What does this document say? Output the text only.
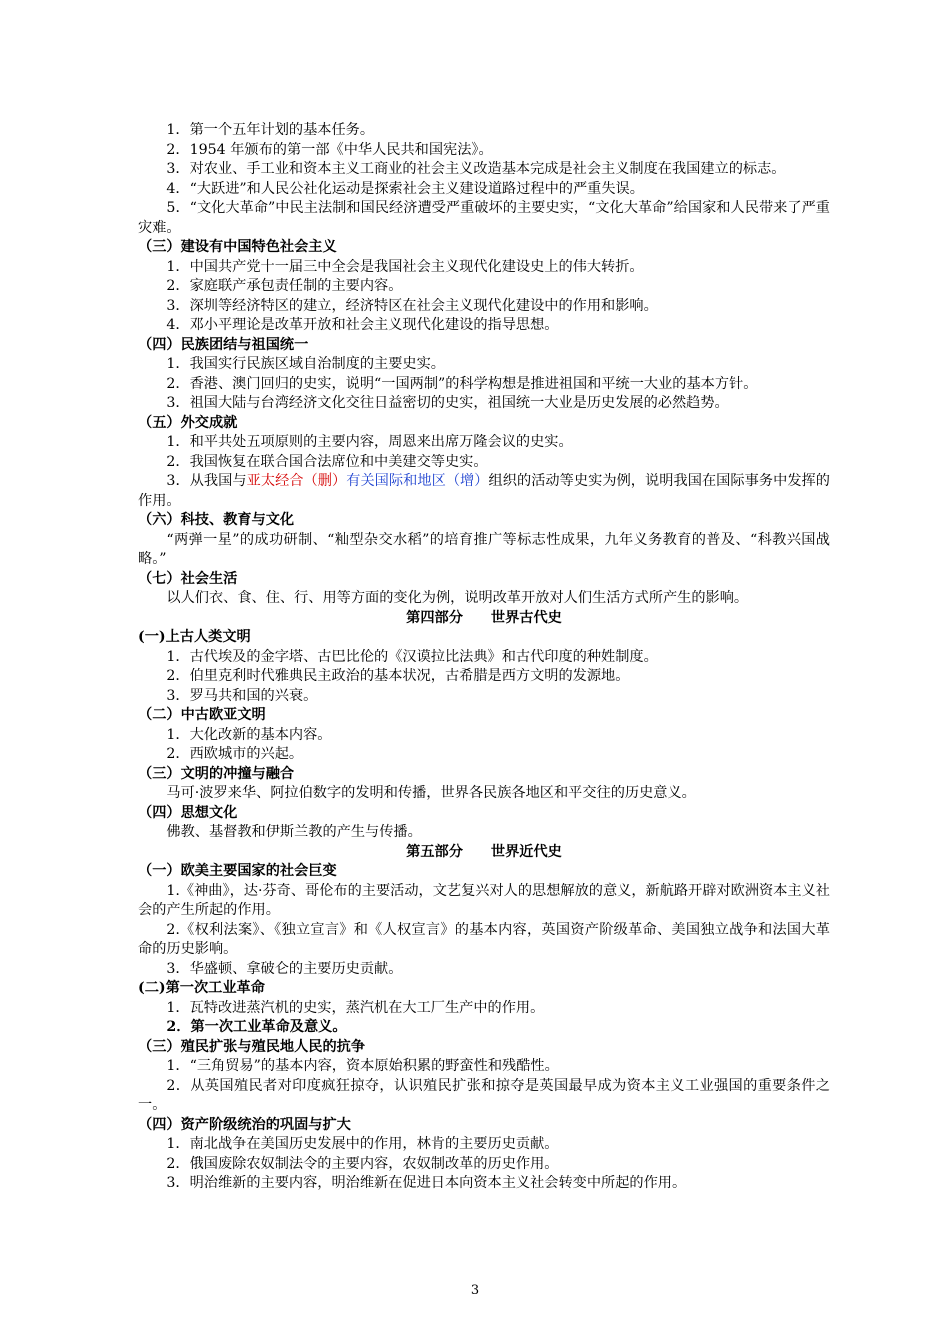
1．第一个五年计划的基本任务。
2．1954 年颁布的第一部《中华人民共和国宪法》。
3．对农业、手工业和资本主义工商业的社会主义改造基本完成是社会主义制度在我国建立的标志。
4．“大跃进”和人民公社化运动是探索社会主义建设道路过程中的严重失误。
5．“文化大革命”中民主法制和国民经济遭受严重破坏的主要史实，“文化大革命”给国家和人民带来了严重灾难。
（三）建设有中国特色社会主义
1．中国共产党十一届三中全会是我国社会主义现代化建设史上的伟大转折。
2．家庭联产承包责任制的主要内容。
3．深圳等经济特区的建立，经济特区在社会主义现代化建设中的作用和影响。
4．邓小平理论是改革开放和社会主义现代化建设的指导思想。
（四）民族团结与祖国统一
1．我国实行民族区域自治制度的主要史实。
2．香港、澳门回归的史实，说明“一国两制”的科学构想是推进祖国和平统一大业的基本方针。
3．祖国大陆与台湾经济文化交往日益密切的史实，祖国统一大业是历史发展的必然趋势。
（五）外交成就
1．和平共处五项原则的主要内容，周恩来出席万隆会议的史实。
2．我国恢复在联合国合法席位和中美建交等史实。
3．从我国与亚太经合（删）有关国际和地区（增）组织的活动等史实为例，说明我国在国际事务中发挥的作用。
（六）科技、教育与文化
“两弹一星”的成功研制、“籼型杂交水稻”的培育推广等标志性成果，九年义务教育的普及、“科教兴国战略。”
（七）社会生活
以人们衣、食、住、行、用等方面的变化为例，说明改革开放对人们生活方式所产生的影响。
第四部分 世界古代史
(一)上古人类文明
1．古代埃及的金字塔、古巴比伦的《汉谟拉比法典》和古代印度的种姓制度。
2．伯里克利时代雅典民主政治的基本状况，古希腊是西方文明的发源地。
3．罗马共和国的兴衰。
（二）中古欧亚文明
1．大化改新的基本内容。
2．西欧城市的兴起。
（三）文明的冲撞与融合
马可·波罗来华、阿拉伯数字的发明和传播，世界各民族各地区和平交往的历史意义。
（四）思想文化
佛教、基督教和伊斯兰教的产生与传播。
第五部分 世界近代史
（一）欧美主要国家的社会巨变
1.《神曲》，达·芬奇、哥伦布的主要活动，文艺复兴对人的思想解放的意义，新航路开辟对欧洲资本主义社会的产生所起的作用。
2.《权利法案》、《独立宣言》和《人权宣言》的基本内容，英国资产阶级革命、美国独立战争和法国大革命的历史影响。
3．华盛顿、拿破仑的主要历史贡献。
(二)第一次工业革命
1．瓦特改进蒸汽机的史实，蒸汽机在大工厂生产中的作用。
2．第一次工业革命及意义。
（三）殖民扩张与殖民地人民的抗争
1．“三角贸易”的基本内容，资本原始积累的野蛮性和残酷性。
2．从英国殖民者对印度疯狂掠夺，认识殖民扩张和掠夺是英国最早成为资本主义工业强国的重要条件之一。
（四）资产阶级统治的巩固与扩大
1．南北战争在美国历史发展中的作用，林肯的主要历史贡献。
2．俄国废除农奴制法令的主要内容，农奴制改革的历史作用。
3．明治维新的主要内容，明治维新在促进日本向资本主义社会转变中所起的作用。
3
